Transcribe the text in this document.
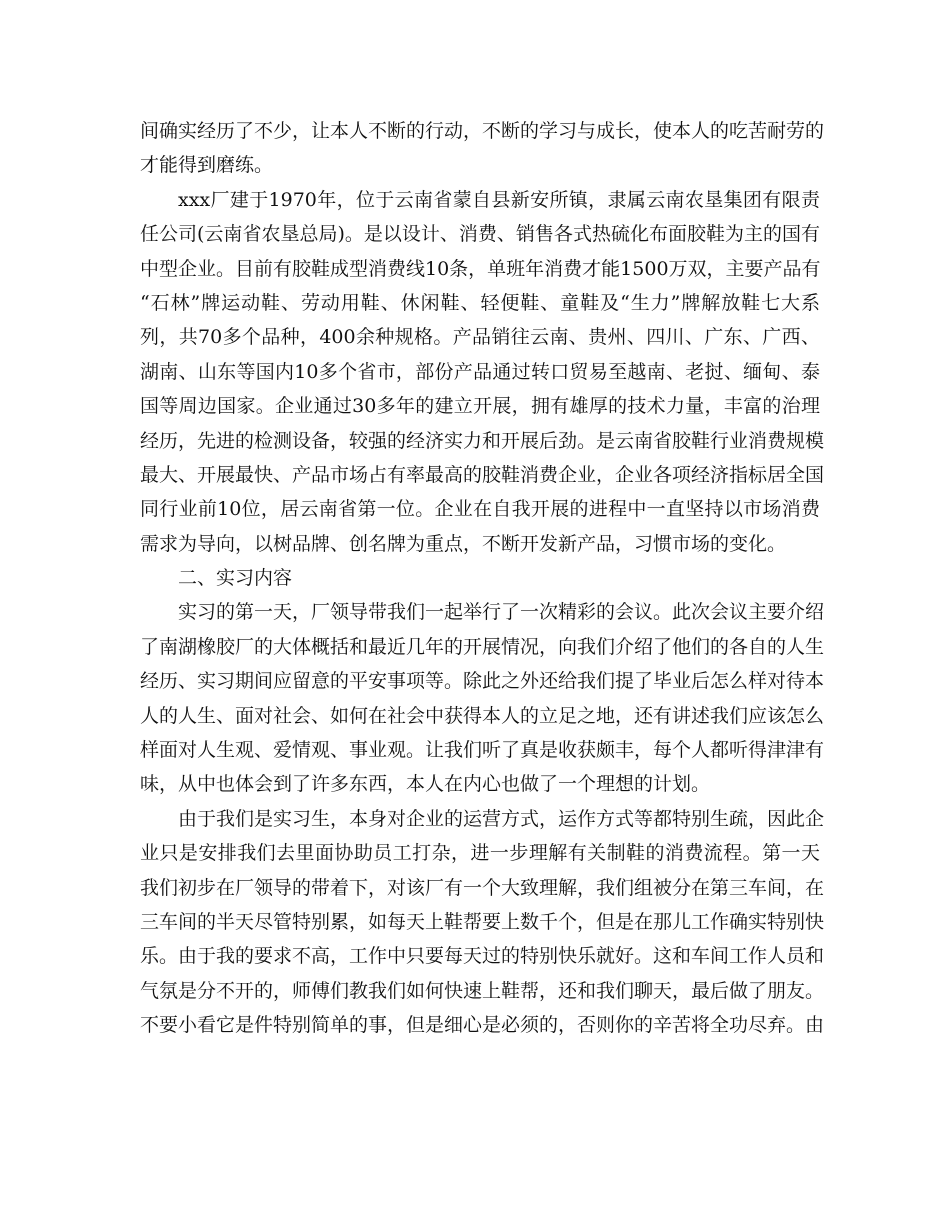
间确实经历了不少，让本人不断的行动，不断的学习与成长，使本人的吃苦耐劳的
才能得到磨练。
xxx厂建于1970年，位于云南省蒙自县新安所镇，隶属云南农垦集团有限责
任公司(云南省农垦总局)。是以设计、消费、销售各式热硫化布面胶鞋为主的国有
中型企业。目前有胶鞋成型消费线10条，单班年消费才能1500万双，主要产品有
“石林”牌运动鞋、劳动用鞋、休闲鞋、轻便鞋、童鞋及“生力”牌解放鞋七大系
列，共70多个品种，400余种规格。产品销往云南、贵州、四川、广东、广西、
湖南、山东等国内10多个省市，部份产品通过转口贸易至越南、老挝、缅甸、泰
国等周边国家。企业通过30多年的建立开展，拥有雄厚的技术力量，丰富的治理
经历，先进的检测设备，较强的经济实力和开展后劲。是云南省胶鞋行业消费规模
最大、开展最快、产品市场占有率最高的胶鞋消费企业，企业各项经济指标居全国
同行业前10位，居云南省第一位。企业在自我开展的进程中一直坚持以市场消费
需求为导向，以树品牌、创名牌为重点，不断开发新产品，习惯市场的变化。
二、实习内容
实习的第一天，厂领导带我们一起举行了一次精彩的会议。此次会议主要介绍
了南湖橡胶厂的大体概括和最近几年的开展情况，向我们介绍了他们的各自的人生
经历、实习期间应留意的平安事项等。除此之外还给我们提了毕业后怎么样对待本
人的人生、面对社会、如何在社会中获得本人的立足之地，还有讲述我们应该怎么
样面对人生观、爱情观、事业观。让我们听了真是收获颇丰，每个人都听得津津有
味，从中也体会到了许多东西，本人在内心也做了一个理想的计划。
由于我们是实习生，本身对企业的运营方式，运作方式等都特别生疏，因此企
业只是安排我们去里面协助员工打杂，进一步理解有关制鞋的消费流程。第一天
我们初步在厂领导的带着下，对该厂有一个大致理解，我们组被分在第三车间，在
三车间的半天尽管特别累，如每天上鞋帮要上数千个，但是在那儿工作确实特别快
乐。由于我的要求不高，工作中只要每天过的特别快乐就好。这和车间工作人员和
气氛是分不开的，师傅们教我们如何快速上鞋帮，还和我们聊天，最后做了朋友。
不要小看它是件特别简单的事，但是细心是必须的，否则你的辛苦将全功尽弃。由
